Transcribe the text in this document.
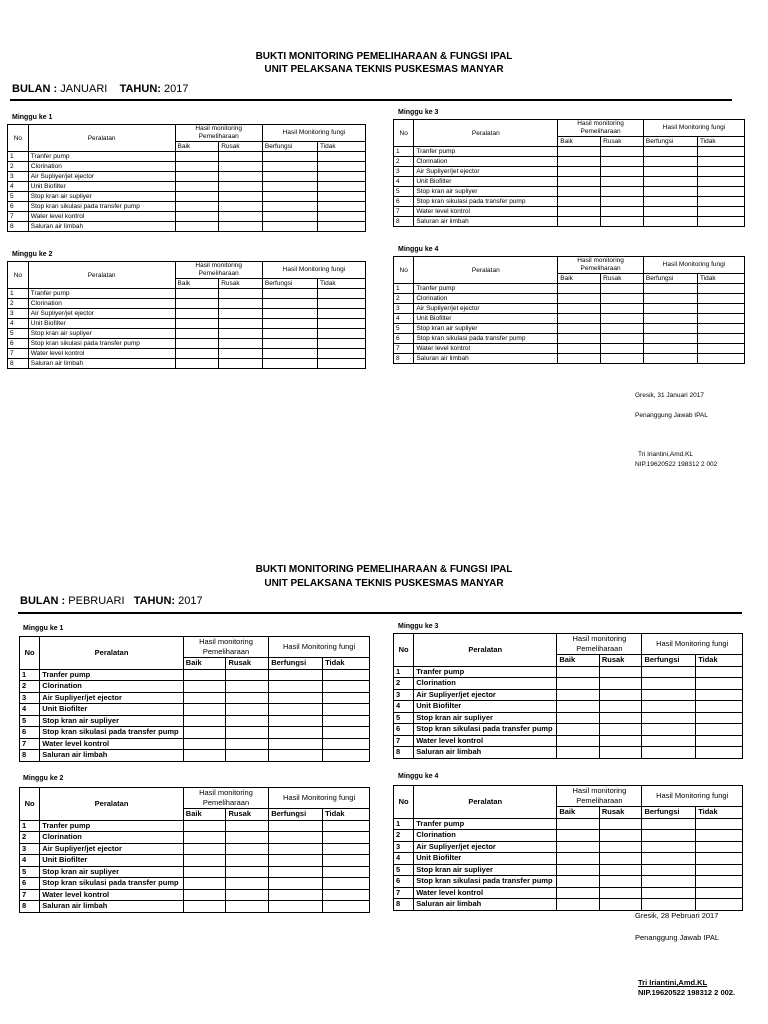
BUKTI MONITORING PEMELIHARAAN & FUNGSI IPAL
UNIT PELAKSANA TEKNIS PUSKESMAS MANYAR
BULAN : JANUARI TAHUN: 2017
Minggu ke 1
No	Peralatan	Hasil monitoring Pemeliharaan		Hasil Monitoring fungi	
		Baik	Rusak	Berfungsi	Tidak
1	Tranfer pump				
2	Clorination				
3	Air Supliyer/jet ejector				
4	Unit Biofilter				
5	Stop kran air supliyer				
6	Stop kran sikulasi pada transfer pump				
7	Water level kontrol				
8	Saluran air limbah				
Minggu ke 2
No	Peralatan	Hasil monitoring Pemeliharaan		Hasil Monitoring fungi	
		Baik	Rusak	Berfungsi	Tidak
1	Tranfer pump				
2	Clorination				
3	Air Supliyer/jet ejector				
4	Unit Biofilter				
5	Stop kran air supliyer				
6	Stop kran sikulasi pada transfer pump				
7	Water level kontrol				
8	Saluran air limbah				
Minggu ke 3
No	Peralatan	Hasil monitoring Pemeliharaan		Hasil Monitoring fungi	
		Baik	Rusak	Berfungsi	Tidak
1	Tranfer pump				
2	Clorination				
3	Air Supliyer/jet ejector				
4	Unit Biofilter				
5	Stop kran air supliyer				
6	Stop kran sikulasi pada transfer pump				
7	Water level kontrol				
8	Saluran air limbah				
Minggu ke 4
No	Peralatan	Hasil monitoring Pemeliharaan		Hasil Monitoring fungi	
		Baik	Rusak	Berfungsi	Tidak
1	Tranfer pump				
2	Clorination				
3	Air Supliyer/jet ejector				
4	Unit Biofilter				
5	Stop kran air supliyer				
6	Stop kran sikulasi pada transfer pump				
7	Water level kontrol				
8	Saluran air limbah				
Gresik, 31 Januari 2017
Penanggung Jawab IPAL
Tri Iriantini,Amd.KL
NIP.19620522 198312 2 002
BUKTI MONITORING PEMELIHARAAN & FUNGSI IPAL
UNIT PELAKSANA TEKNIS PUSKESMAS MANYAR
BULAN : PEBRUARI TAHUN: 2017
Minggu ke 1
No	Peralatan	Hasil monitoring Pemeliharaan		Hasil Monitoring fungi	
		Baik	Rusak	Berfungsi	Tidak
1	Tranfer pump				
2	Clorination				
3	Air Supliyer/jet ejector				
4	Unit Biofilter				
5	Stop kran air supliyer				
6	Stop kran sikulasi pada transfer pump				
7	Water level kontrol				
8	Saluran air limbah				
Minggu ke 2
No	Peralatan	Hasil monitoring Pemeliharaan		Hasil Monitoring fungi	
		Baik	Rusak	Berfungsi	Tidak
1	Tranfer pump				
2	Clorination				
3	Air Supliyer/jet ejector				
4	Unit Biofilter				
5	Stop kran air supliyer				
6	Stop kran sikulasi pada transfer pump				
7	Water level kontrol				
8	Saluran air limbah				
Minggu ke 3
No	Peralatan	Hasil monitoring Pemeliharaan		Hasil Monitoring fungi	
		Baik	Rusak	Berfungsi	Tidak
1	Tranfer pump				
2	Clorination				
3	Air Supliyer/jet ejector				
4	Unit Biofilter				
5	Stop kran air supliyer				
6	Stop kran sikulasi pada transfer pump				
7	Water level kontrol				
8	Saluran air limbah				
Minggu ke 4
No	Peralatan	Hasil monitoring Pemeliharaan		Hasil Monitoring fungi	
		Baik	Rusak	Berfungsi	Tidak
1	Tranfer pump				
2	Clorination				
3	Air Supliyer/jet ejector				
4	Unit Biofilter				
5	Stop kran air supliyer				
6	Stop kran sikulasi pada transfer pump				
7	Water level kontrol				
8	Saluran air limbah				
Gresik, 28 Pebruari 2017
Penanggung Jawab IPAL
Tri Iriantini,Amd.KL
NIP.19620522 198312 2 002.
